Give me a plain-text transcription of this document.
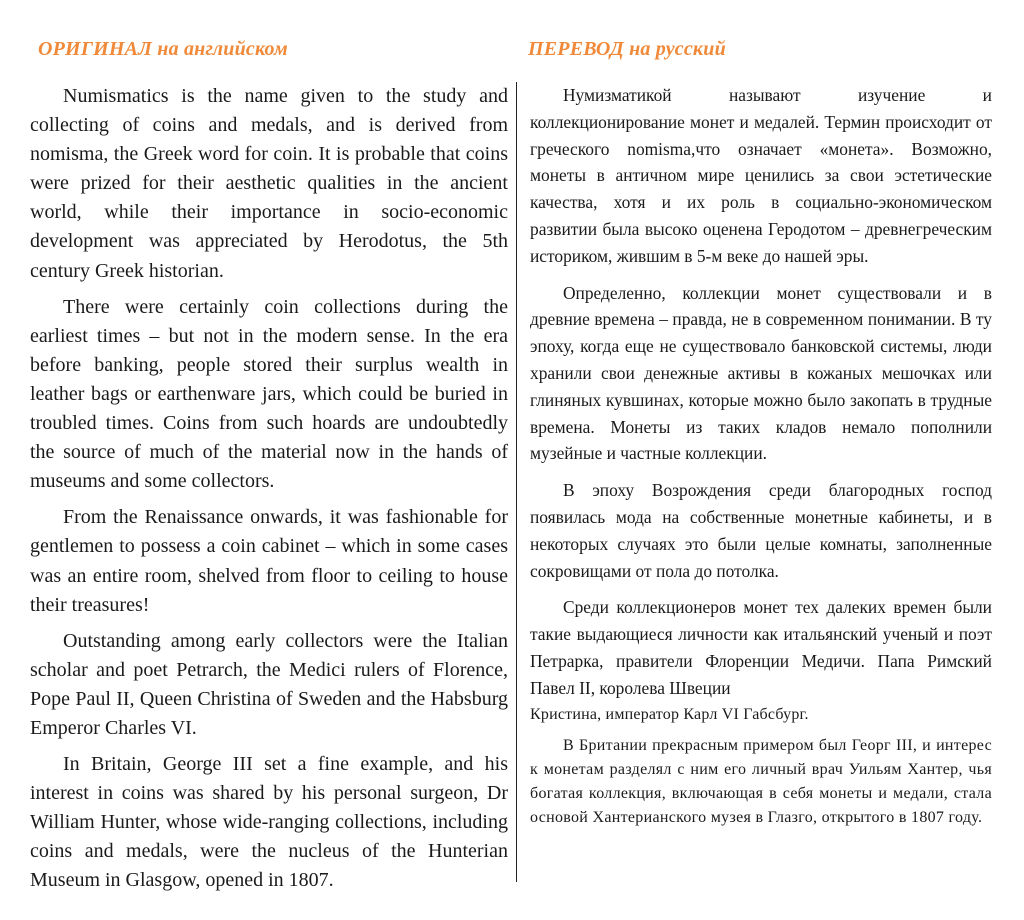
ОРИГИНАЛ на английском	ПЕРЕВОД на русский

Numismatics is the name given to the study and collecting of coins and medals, and is derived from nomisma, the Greek word for coin. It is probable that coins were prized for their aesthetic qualities in the ancient world, while their importance in socio-economic development was appreciated by Herodotus, the 5th century Greek historian.

There were certainly coin collections during the earliest times – but not in the modern sense. In the era before banking, people stored their surplus wealth in leather bags or earthenware jars, which could be buried in troubled times. Coins from such hoards are undoubtedly the source of much of the material now in the hands of museums and some collectors.

From the Renaissance onwards, it was fashionable for gentlemen to possess a coin cabinet – which in some cases was an entire room, shelved from floor to ceiling to house their treasures!

Outstanding among early collectors were the Italian scholar and poet Petrarch, the Medici rulers of Florence, Pope Paul II, Queen Christina of Sweden and the Habsburg Emperor Charles VI.

In Britain, George III set a fine example, and his interest in coins was shared by his personal surgeon, Dr William Hunter, whose wide-ranging collections, including coins and medals, were the nucleus of the Hunterian Museum in Glasgow, opened in 1807.

Нумизматикой называют изучение и коллекционирование монет и медалей. Термин происходит от греческого nomisma,что означает «монета». Возможно, монеты в античном мире ценились за свои эстетические качества, хотя и их роль в социально-экономическом развитии была высоко оценена Геродотом – древнегреческим историком, жившим в 5-м веке до нашей эры.

Определенно, коллекции монет существовали и в древние времена – правда, не в современном понимании. В ту эпоху, когда еще не существовало банковской системы, люди хранили свои денежные активы в кожаных мешочках или глиняных кувшинах, которые можно было закопать в трудные времена. Монеты из таких кладов немало пополнили музейные и частные коллекции.

В эпоху Возрождения среди благородных господ появилась мода на собственные монетные кабинеты, и в некоторых случаях это были целые комнаты, заполненные сокровищами от пола до потолка.

Среди коллекционеров монет тех далеких времен были такие выдающиеся личности как итальянский ученый и поэт Петрарка, правители Флоренции Медичи. Папа Римский Павел II, королева Швеции

Кристина, император Карл VI Габсбург.

В Британии прекрасным примером был Георг III, и интерес к монетам разделял с ним его личный врач Уильям Хантер, чья богатая коллекция, включающая в себя монеты и медали, стала основой Хантерианского музея в Глазго, открытого в 1807 году.
